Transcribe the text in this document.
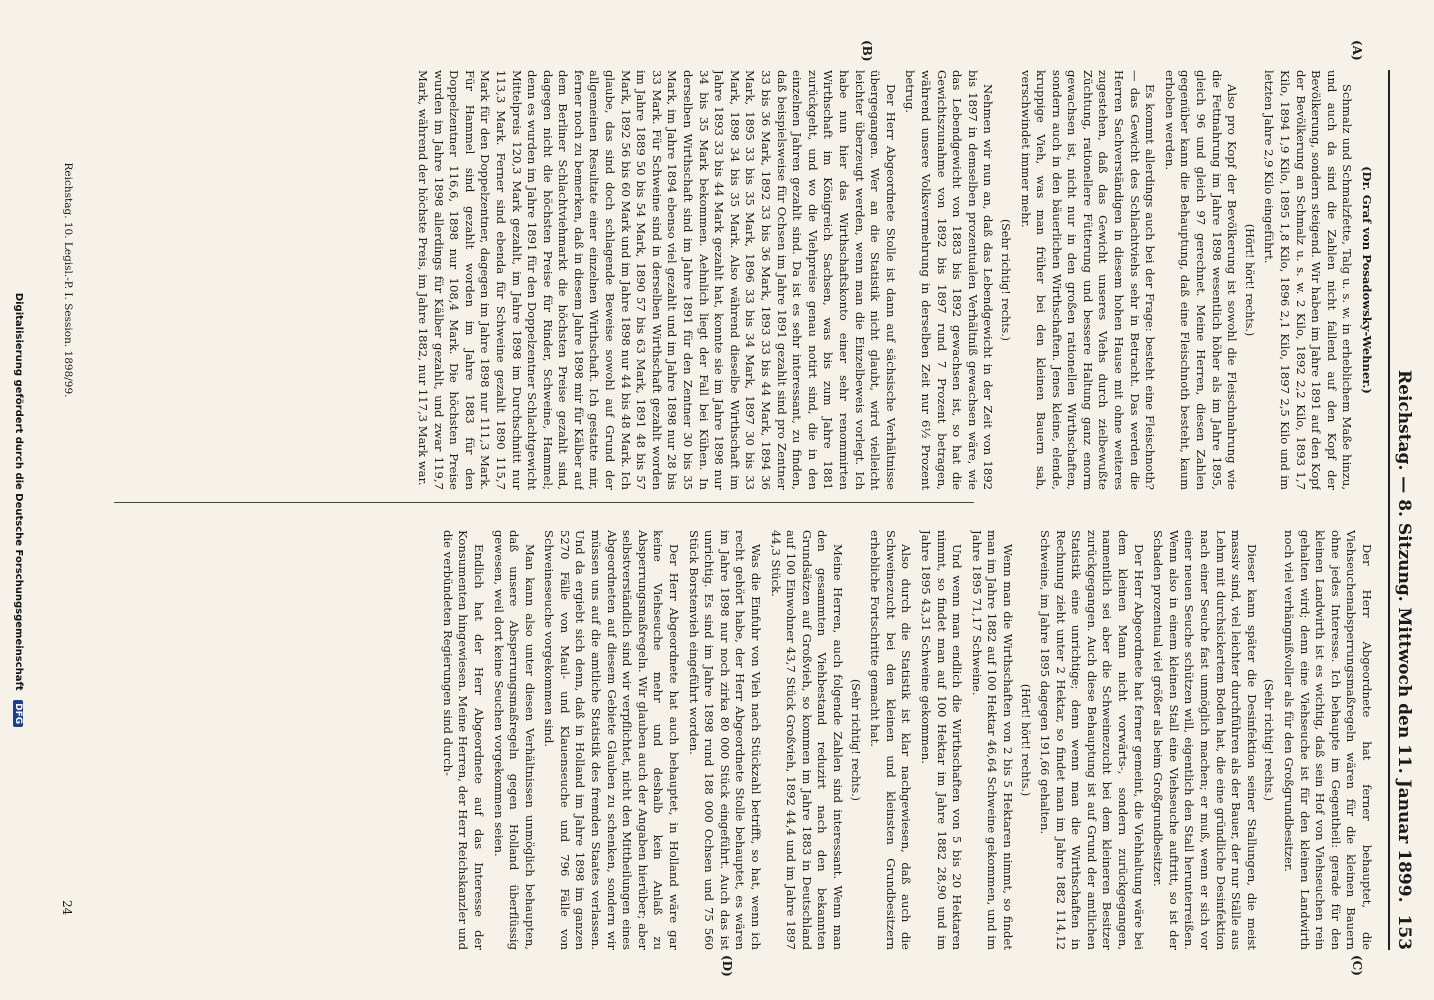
Reichstag. — 8. Sitzung. Mittwoch den 11. Januar 1899.
153
(A)
(B)
(C)
(D)

(Dr. Graf von Posadowsky-Wehner.)

Schmalz und Schmalzfette, Talg u. s. w. in erheblichem Maße hinzu, und auch da sind die Zahlen nicht fallend auf den Kopf der Bevölkerung, sondern steigend. Wir haben im Jahre 1891 auf den Kopf der Bevölkerung an Schmalz u. s. w. 2 Kilo, 1892 2,2 Kilo, 1893 1,7 Kilo, 1894 1,9 Kilo, 1895 1,8 Kilo, 1896 2,1 Kilo, 1897 2,5 Kilo und im letzten Jahre 2,9 Kilo eingeführt.

(Hört! hört! rechts.)

Also pro Kopf der Bevölkerung ist sowohl die Fleischnahrung wie die Fettnahrung im Jahre 1898 wesentlich höher als im Jahre 1895, gleich 96 und gleich 97 gerechnet. Meine Herren, diesen Zahlen gegenüber kann die Behauptung, daß eine Fleischnoth besteht, kaum erhoben werden.

Es kommt allerdings auch bei der Frage: besteht eine Fleischnoth? — das Gewicht des Schlachtviehs sehr in Betracht. Das werden die Herren Sachverständigen in diesem hohen Hause mit ohne weiteres zugestehen, daß das Gewicht unseres Viehs durch zielbewußte Züchtung, rationellere Fütterung und bessere Haltung ganz enorm gewachsen ist, nicht nur in den großen rationellen Wirthschaften, sondern auch in den bäuerlichen Wirthschaften. Jenes kleine, elende, kruppige Vieh, was man früher bei den kleinen Bauern sah, verschwindet immer mehr.

(Sehr richtig! rechts.)

Nehmen wir nun an, daß das Lebendgewicht in der Zeit von 1892 bis 1897 in demselben prozentualen Verhältniß gewachsen wäre, wie das Lebendgewicht von 1883 bis 1892 gewachsen ist, so hat die Gewichtszunahme von 1892 bis 1897 rund 7 Prozent betragen, während unsere Volksvermehrung in derselben Zeit nur 6½ Prozent betrug.

Der Herr Abgeordnete Stolle ist dann auf sächsische Verhältnisse übergegangen. Wer an die Statistik nicht glaubt, wird vielleicht leichter überzeugt werden, wenn man die Einzelbeweis vorlegt. Ich habe nun hier das Wirthschaftskonto einer sehr renommirten Wirthschaft im Königreich Sachsen, was bis zum Jahre 1881 zurückgeht, und wo die Viehpreise genau notirt sind, die in den einzelnen Jahren gezahlt sind. Da ist es sehr interessant, zu finden, daß beispielsweise für Ochsen im Jahre 1891 gezahlt sind pro Zentner 33 bis 36 Mark, 1892 33 bis 36 Mark, 1893 33 bis 44 Mark, 1894 36 Mark, 1895 33 bis 35 Mark, 1896 33 bis 34 Mark, 1897 30 bis 33 Mark, 1898 34 bis 35 Mark. Also während dieselbe Wirthschaft im Jahre 1893 33 bis 44 Mark gezahlt hat, konnte sie im Jahre 1898 nur 34 bis 35 Mark bekommen. Aehnlich liegt der Fall bei Kühen. In derselben Wirthschaft sind im Jahre 1891 für den Zentner 30 bis 35 Mark, im Jahre 1894 ebenso viel gezahlt und im Jahre 1898 nur 28 bis 33 Mark. Für Schweine sind in derselben Wirthschaft gezahlt worden im Jahre 1889 50 bis 54 Mark, 1890 57 bis 63 Mark, 1891 48 bis 57 Mark, 1892 56 bis 60 Mark und im Jahre 1898 nur 44 bis 48 Mark. Ich glaube, das sind doch schlagende Beweise sowohl auf Grund der allgemeinen Resultate einer einzelnen Wirthschaft. Ich gestatte mir, ferner noch zu bemerken, daß in diesem Jahre 1898 mir für Kälber auf dem Berliner Schlachtviehmarkt die höchsten Preise gezahlt sind, dagegen nicht die höchsten Preise für Rinder, Schweine, Hammel; denn es wurden im Jahre 1891 für den Doppelzentner Schlachtgewicht Mittelpreis 120,3 Mark gezahlt, im Jahre 1898 im Durchschnitt nur 113,3 Mark. Ferner sind ebenda für Schweine gezahlt 1890 115,7 Mark für den Doppelzentner, dagegen im Jahre 1898 nur 111,3 Mark. Für Hammel sind gezahlt worden im Jahre 1883 für den Doppelzentner 116,6, 1898 nur 108,4 Mark. Die höchsten Preise wurden im Jahre 1898 allerdings für Kälber gezahlt, und zwar 119,7 Mark, während der höchste Preis, im Jahre 1882, nur 117,3 Mark war.

Der Herr Abgeordnete hat ferner behauptet, die Viehseuchenabsperrungsmaßregeln wären für die kleinen Bauern ohne jedes Interesse. Ich behaupte im Gegentheil: gerade für den kleinen Landwirth ist es wichtig, daß sein Hof von Viehseuchen rein gehalten wird; denn eine Viehseuche ist für den kleinen Landwirth noch viel verhängnißvoller als für den Großgrundbesitzer.

(Sehr richtig! rechts.)

Dieser kann später die Desinfektion seiner Stallungen, die meist massiv sind, viel leichter durchführen als der Bauer, der nur Ställe aus Lehm mit durchsickertem Boden hat, die eine gründliche Desinfektion nach einer Seuche fast unmöglich machen; er muß, wenn er sich vor einer neuen Seuche schützen will, eigentlich den Stall herunterreißen. Wenn also in einem kleinen Stall eine Viehseuche auftritt, so ist der Schaden prozentual viel größer als beim Großgrundbesitzer.

Der Herr Abgeordnete hat ferner gemeint, die Viehhaltung wäre bei dem kleinen Mann nicht vorwärts-, sondern zurückgegangen, namentlich sei aber die Schweinezucht bei dem kleineren Besitzer zurückgegangen. Auch diese Behauptung ist auf Grund der amtlichen Statistik eine unrichtige; denn wenn man die Wirthschaften in Rechnung zieht unter 2 Hektar, so findet man im Jahre 1882 114,12 Schweine, im Jahre 1895 dagegen 191,66 gehalten.

(Hört! hört! rechts.)

Wenn man die Wirthschaften von 2 bis 5 Hektaren nimmt, so findet man im Jahre 1882 auf 100 Hektar 46,64 Schweine gekommen, und im Jahre 1895 71,17 Schweine.

Und wenn man endlich die Wirthschaften von 5 bis 20 Hektaren nimmt, so findet man auf 100 Hektar im Jahre 1882 28,90 und im Jahre 1895 43,31 Schweine gekommen.

Also durch die Statistik ist klar nachgewiesen, daß auch die Schweinezucht bei den kleinen und kleinsten Grundbesitzern erhebliche Fortschritte gemacht hat.

(Sehr richtig! rechts.)

Meine Herren, auch folgende Zahlen sind interessant. Wenn man den gesammten Viehbestand reduzirt nach den bekannten Grundsätzen auf Großvieh, so kommen im Jahre 1883 in Deutschland auf 100 Einwohner 43,7 Stück Großvieh, 1892 44,4 und im Jahre 1897 44,3 Stück.

Was die Einfuhr von Vieh nach Stückzahl betrifft, so hat, wenn ich recht gehört habe, der Herr Abgeordnete Stolle behauptet, es wären im Jahre 1898 nur noch zirka 80 000 Stück eingeführt. Auch das ist unrichtig. Es sind im Jahre 1898 rund 188 000 Ochsen und 75 560 Stück Borstenvieh eingeführt worden.

Der Herr Abgeordnete hat auch behauptet, in Holland wäre gar keine Viehseuche mehr und deshalb kein Anlaß zu Absperrungsmaßregeln. Wir glauben auch der Angaben hierüber; aber selbstverständlich sind wir verpflichtet, nicht den Mittheilungen eines Abgeordneten auf diesem Gebiete Glauben zu schenken, sondern wir müssen uns auf die amtliche Statistik des fremden Staates verlassen. Und da ergiebt sich denn, daß in Holland im Jahre 1898 im ganzen 5270 Fälle von Maul- und Klauenseuche und 796 Fälle von Schweineseuche vorgekommen sind.

Man kann also unter diesen Verhältnissen unmöglich behaupten, daß unsere Absperrungsmaßregeln gegen Holland überflüssig gewesen, weil dort keine Seuchen vorgekommen seien.

Endlich hat der Herr Abgeordnete auf das Interesse der Konsumenten hingewiesen. Meine Herren, der Herr Reichskanzler und die verbündeten Regierungen sind durch-

Reichstag. 10. Legisl.-P. I. Session. 1898/99.
24
Digitalisierung gefördert durch die Deutsche Forschungsgemeinschaft DFG
